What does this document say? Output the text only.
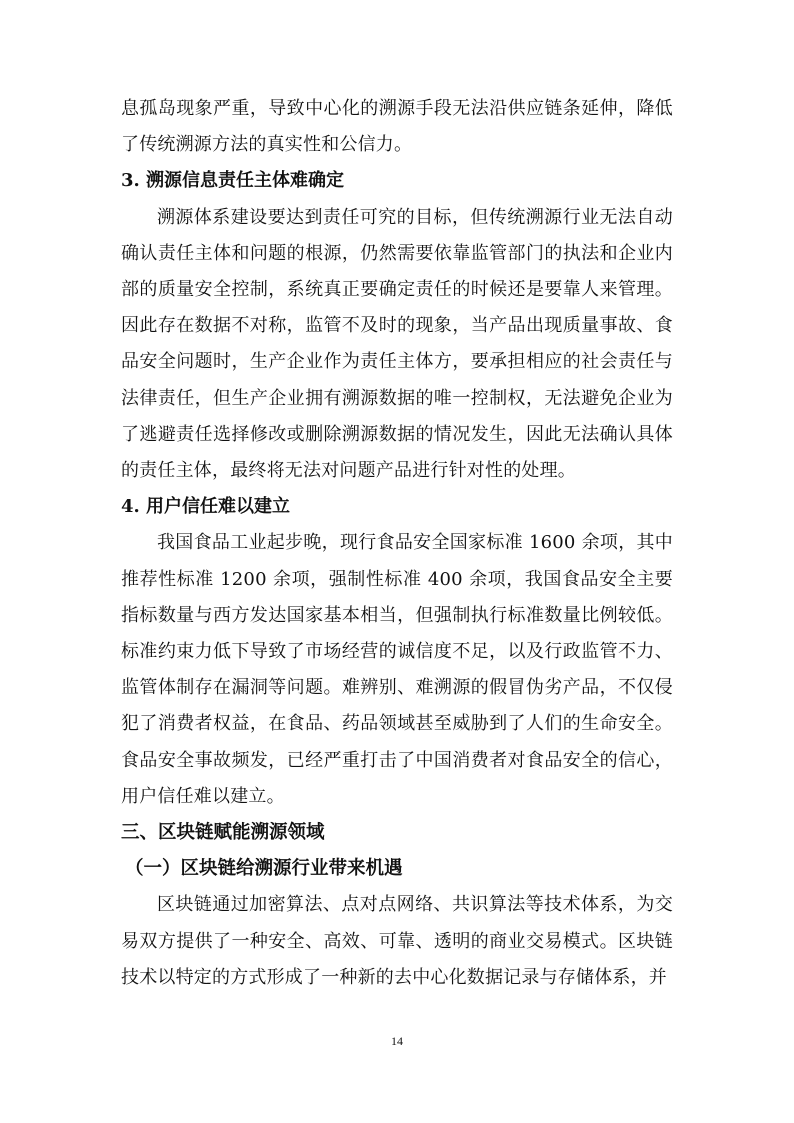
息孤岛现象严重，导致中心化的溯源手段无法沿供应链条延伸，降低了传统溯源方法的真实性和公信力。

3. 溯源信息责任主体难确定

溯源体系建设要达到责任可究的目标，但传统溯源行业无法自动确认责任主体和问题的根源，仍然需要依靠监管部门的执法和企业内部的质量安全控制，系统真正要确定责任的时候还是要靠人来管理。因此存在数据不对称，监管不及时的现象，当产品出现质量事故、食品安全问题时，生产企业作为责任主体方，要承担相应的社会责任与法律责任，但生产企业拥有溯源数据的唯一控制权，无法避免企业为了逃避责任选择修改或删除溯源数据的情况发生，因此无法确认具体的责任主体，最终将无法对问题产品进行针对性的处理。

4. 用户信任难以建立

我国食品工业起步晚，现行食品安全国家标准 1600 余项，其中推荐性标准 1200 余项，强制性标准 400 余项，我国食品安全主要指标数量与西方发达国家基本相当，但强制执行标准数量比例较低。标准约束力低下导致了市场经营的诚信度不足，以及行政监管不力、监管体制存在漏洞等问题。难辨别、难溯源的假冒伪劣产品，不仅侵犯了消费者权益，在食品、药品领域甚至威胁到了人们的生命安全。食品安全事故频发，已经严重打击了中国消费者对食品安全的信心，用户信任难以建立。

三、区块链赋能溯源领域

（一）区块链给溯源行业带来机遇

区块链通过加密算法、点对点网络、共识算法等技术体系，为交易双方提供了一种安全、高效、可靠、透明的商业交易模式。区块链技术以特定的方式形成了一种新的去中心化数据记录与存储体系，并

14
